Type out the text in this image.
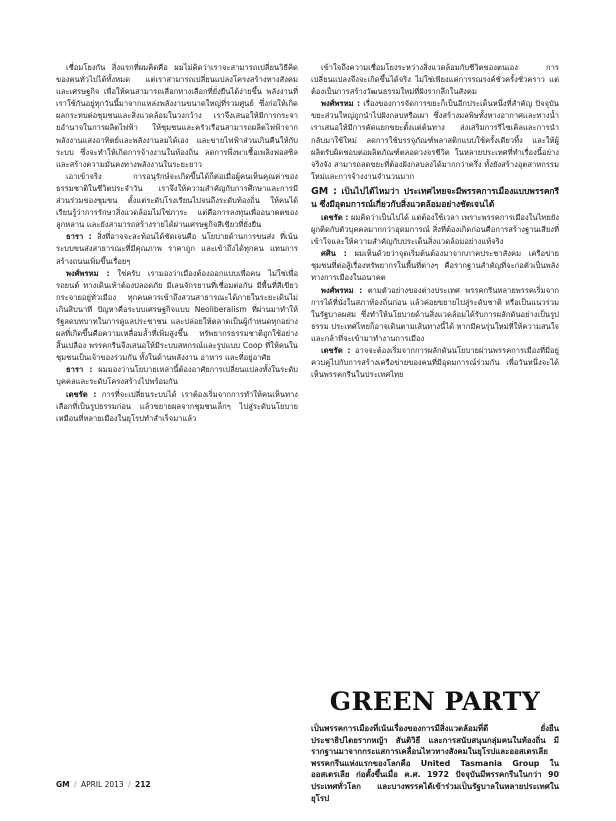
เชื่อมโยงกัน สิ่งแรกที่ผมคิดคือ ผมไม่คิดว่าเราจะสามารถเปลี่ยนวิธีคิดของคนทั่วไปได้ทั้งหมด แต่เราสามารถเปลี่ยนแปลงโครงสร้างทางสังคมและเศรษฐกิจ เพื่อให้คนสามารถเลือกทางเลือกที่ยั่งยืนได้ง่ายขึ้น พลังงานที่เราใช้กันอยู่ทุกวันนี้มาจากแหล่งพลังงานขนาดใหญ่ที่รวมศูนย์ ซึ่งก่อให้เกิดผลกระทบต่อชุมชนและสิ่งแวดล้อมในวงกว้าง เราจึงเสนอให้มีการกระจายอำนาจในการผลิตไฟฟ้า ให้ชุมชนและครัวเรือนสามารถผลิตไฟฟ้าจากพลังงานแสงอาทิตย์และพลังงานลมได้เอง และขายไฟฟ้าส่วนเกินคืนให้กับระบบ ซึ่งจะทำให้เกิดการจ้างงานในท้องถิ่น ลดการพึ่งพาเชื้อเพลิงฟอสซิล และสร้างความมั่นคงทางพลังงานในระยะยาว

เอาเข้าจริง การอนุรักษ์จะเกิดขึ้นได้ก็ต่อเมื่อผู้คนเห็นคุณค่าของธรรมชาติในชีวิตประจำวัน เราจึงให้ความสำคัญกับการศึกษาและการมีส่วนร่วมของชุมชน ตั้งแต่ระดับโรงเรียนไปจนถึงระดับท้องถิ่น ให้คนได้เรียนรู้ว่าการรักษาสิ่งแวดล้อมไม่ใช่ภาระ แต่คือการลงทุนเพื่ออนาคตของลูกหลาน และยังสามารถสร้างรายได้ผ่านเศรษฐกิจสีเขียวที่ยั่งยืน

ธารา : สิ่งที่อาจจะสะท้อนได้ชัดเจนคือ นโยบายด้านการขนส่ง ที่เน้นระบบขนส่งสาธารณะที่มีคุณภาพ ราคาถูก และเข้าถึงได้ทุกคน แทนการสร้างถนนเพิ่มขึ้นเรื่อยๆ

พงศ์พรหม : ใช่ครับ เรามองว่าเมืองต้องออกแบบเพื่อคน ไม่ใช่เพื่อรถยนต์ ทางเดินเท้าต้องปลอดภัย มีเลนจักรยานที่เชื่อมต่อกัน มีพื้นที่สีเขียวกระจายอยู่ทั่วเมือง ทุกคนควรเข้าถึงสวนสาธารณะได้ภายในระยะเดินไม่เกินสิบนาที ปัญหาคือระบบเศรษฐกิจแบบ Neoliberalism ที่ผ่านมาทำให้รัฐลดบทบาทในการดูแลประชาชน และปล่อยให้ตลาดเป็นผู้กำหนดทุกอย่าง ผลที่เกิดขึ้นคือความเหลื่อมล้ำที่เพิ่มสูงขึ้น ทรัพยากรธรรมชาติถูกใช้อย่างสิ้นเปลือง พรรคกรีนจึงเสนอให้มีระบบสหกรณ์และรูปแบบ Coop ที่ให้คนในชุมชนเป็นเจ้าของร่วมกัน ทั้งในด้านพลังงาน อาหาร และที่อยู่อาศัย

ธารา : ผมมองว่านโยบายเหล่านี้ต้องอาศัยการเปลี่ยนแปลงทั้งในระดับบุคคลและระดับโครงสร้างไปพร้อมกัน

เดชรัต : การที่จะเปลี่ยนระบบได้ เราต้องเริ่มจากการทำให้คนเห็นทางเลือกที่เป็นรูปธรรมก่อน แล้วขยายผลจากชุมชนเล็กๆ ไปสู่ระดับนโยบาย เหมือนที่หลายเมืองในยุโรปทำสำเร็จมาแล้ว

เข้าใจถึงความเชื่อมโยงระหว่างสิ่งแวดล้อมกับชีวิตของตนเอง การเปลี่ยนแปลงจึงจะเกิดขึ้นได้จริง ไม่ใช่เพียงแค่การรณรงค์ชั่วครั้งชั่วคราว แต่ต้องเป็นการสร้างวัฒนธรรมใหม่ที่ฝังรากลึกในสังคม

พงศ์พรหม : เรื่องของการจัดการขยะก็เป็นอีกประเด็นหนึ่งที่สำคัญ ปัจจุบันขยะส่วนใหญ่ถูกนำไปฝังกลบหรือเผา ซึ่งสร้างมลพิษทั้งทางอากาศและทางน้ำ เราเสนอให้มีการคัดแยกขยะตั้งแต่ต้นทาง ส่งเสริมการรีไซเคิลและการนำกลับมาใช้ใหม่ ลดการใช้บรรจุภัณฑ์พลาสติกแบบใช้ครั้งเดียวทิ้ง และให้ผู้ผลิตรับผิดชอบต่อผลิตภัณฑ์ตลอดวงจรชีวิต ในหลายประเทศที่ทำเรื่องนี้อย่างจริงจัง สามารถลดขยะที่ต้องฝังกลบลงได้มากกว่าครึ่ง ทั้งยังสร้างอุตสาหกรรมใหม่และการจ้างงานจำนวนมาก

GM : เป็นไปได้ไหมว่า ประเทศไทยจะมีพรรคการเมืองแบบพรรคกรีน ซึ่งมีอุดมการณ์เกี่ยวกับสิ่งแวดล้อมอย่างชัดเจนได้

เดชรัต : ผมคิดว่าเป็นไปได้ แต่ต้องใช้เวลา เพราะพรรคการเมืองในไทยยังผูกติดกับตัวบุคคลมากกว่าอุดมการณ์ สิ่งที่ต้องเกิดก่อนคือการสร้างฐานเสียงที่เข้าใจและให้ความสำคัญกับประเด็นสิ่งแวดล้อมอย่างแท้จริง

ศศิน : ผมเห็นด้วยว่าจุดเริ่มต้นต้องมาจากภาคประชาสังคม เครือข่ายชุมชนที่ต่อสู้เรื่องทรัพยากรในพื้นที่ต่างๆ คือรากฐานสำคัญที่จะก่อตัวเป็นพลังทางการเมืองในอนาคต

พงศ์พรหม : ตามตัวอย่างของต่างประเทศ พรรคกรีนหลายพรรคเริ่มจากการได้ที่นั่งในสภาท้องถิ่นก่อน แล้วค่อยขยายไปสู่ระดับชาติ หรือเป็นแนวร่วมในรัฐบาลผสม ซึ่งทำให้นโยบายด้านสิ่งแวดล้อมได้รับการผลักดันอย่างเป็นรูปธรรม ประเทศไทยก็อาจเดินตามเส้นทางนี้ได้ หากมีคนรุ่นใหม่ที่ให้ความสนใจและกล้าที่จะเข้ามาทำงานการเมือง

เดชรัต : อาจจะต้องเริ่มจากการผลักดันนโยบายผ่านพรรคการเมืองที่มีอยู่ ควบคู่ไปกับการสร้างเครือข่ายของคนที่มีอุดมการณ์ร่วมกัน เพื่อวันหนึ่งจะได้เห็นพรรคกรีนในประเทศไทย

GREEN PARTY
เป็นพรรคการเมืองที่เน้นเรื่องของการมีสิ่งแวดล้อมที่ดี ยั่งยืน ประชาธิปไตยรากหญ้า สันติวิธี และการสนับสนุนกลุ่มคนในท้องถิ่น มีรากฐานมาจากกระแสการเคลื่อนไหวทางสังคมในยุโรปและออสเตรเลีย พรรคกรีนแห่งแรกของโลกคือ United Tasmania Group ในออสเตรเลีย ก่อตั้งขึ้นเมื่อ ค.ศ. 1972 ปัจจุบันมีพรรคกรีนในกว่า 90 ประเทศทั่วโลก และบางพรรคได้เข้าร่วมเป็นรัฐบาลในหลายประเทศในยุโรป
GM / APRIL 2013 / 212
